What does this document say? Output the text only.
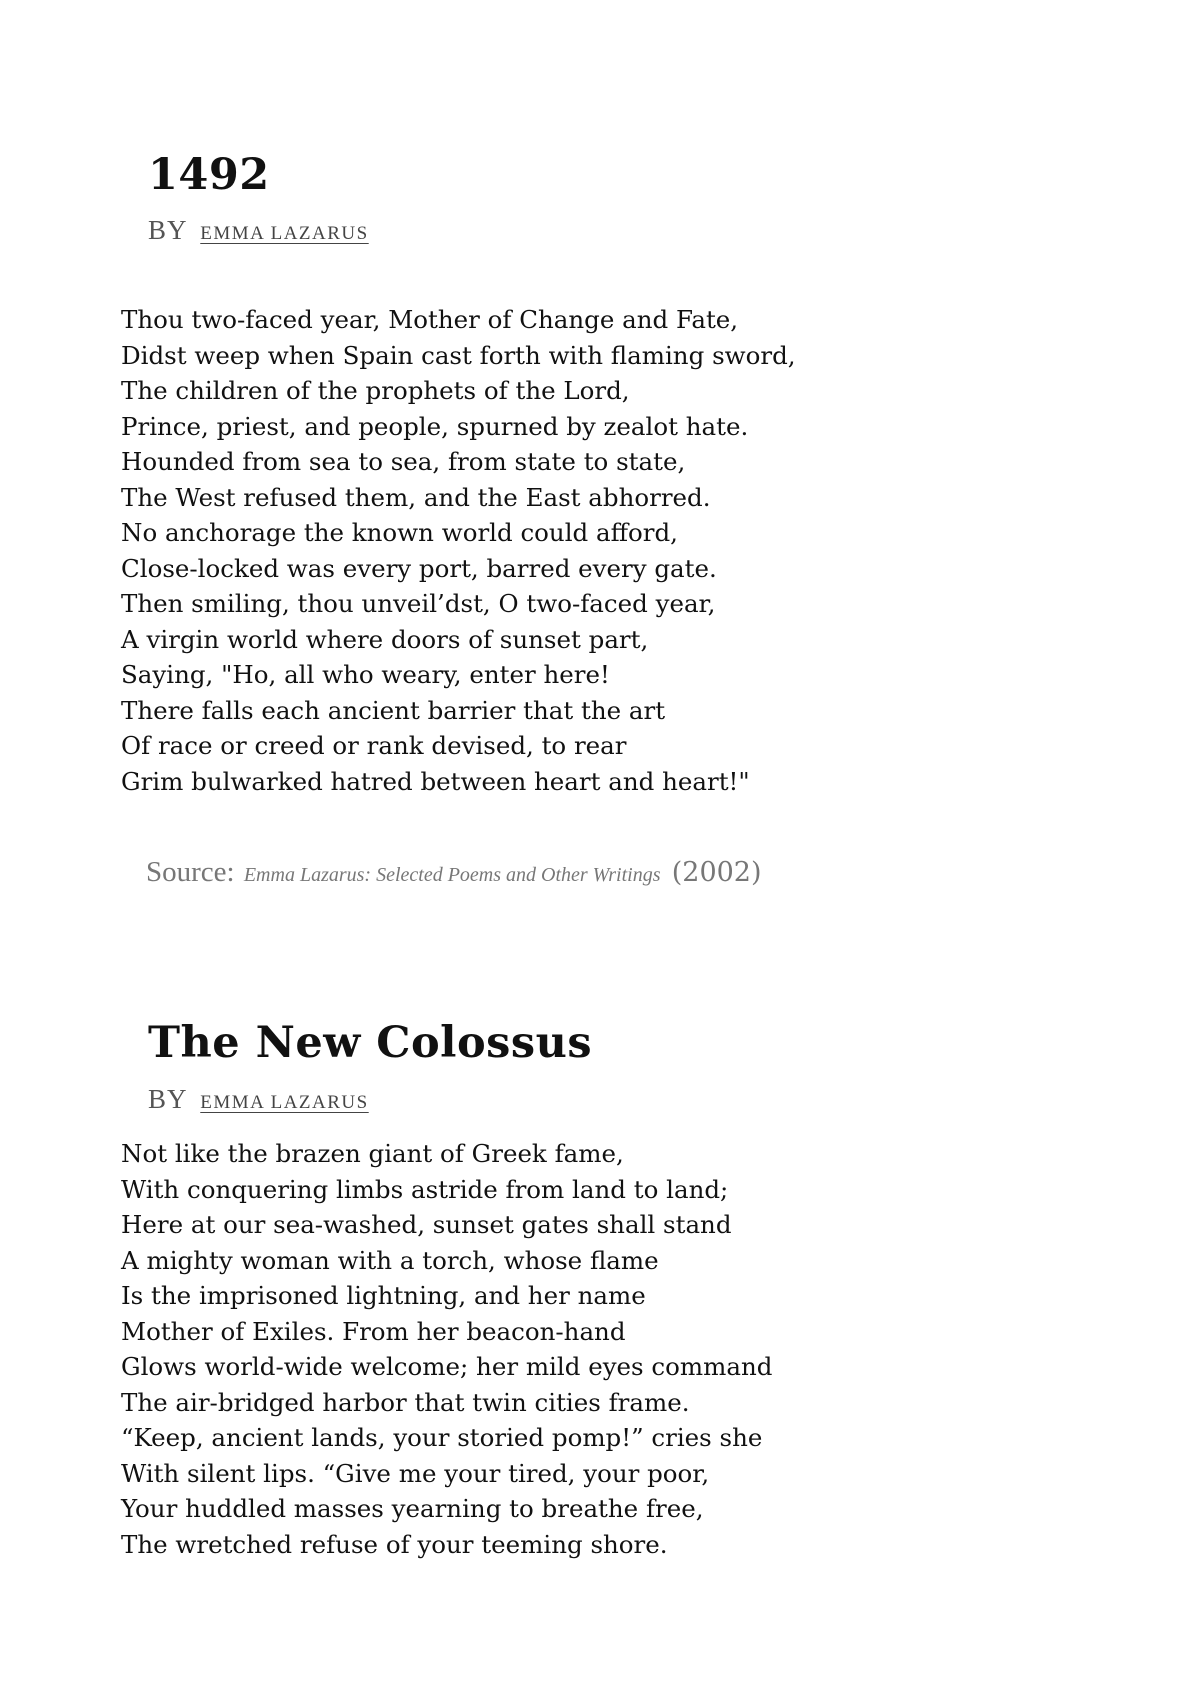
1492
BY EMMA LAZARUS
Thou two-faced year, Mother of Change and Fate,
Didst weep when Spain cast forth with flaming sword,
The children of the prophets of the Lord,
Prince, priest, and people, spurned by zealot hate.
Hounded from sea to sea, from state to state,
The West refused them, and the East abhorred.
No anchorage the known world could afford,
Close-locked was every port, barred every gate.
Then smiling, thou unveil’dst, O two-faced year,
A virgin world where doors of sunset part,
Saying, "Ho, all who weary, enter here!
There falls each ancient barrier that the art
Of race or creed or rank devised, to rear
Grim bulwarked hatred between heart and heart!"
Source: Emma Lazarus: Selected Poems and Other Writings (2002)
The New Colossus
BY EMMA LAZARUS
Not like the brazen giant of Greek fame,
With conquering limbs astride from land to land;
Here at our sea-washed, sunset gates shall stand
A mighty woman with a torch, whose flame
Is the imprisoned lightning, and her name
Mother of Exiles. From her beacon-hand
Glows world-wide welcome; her mild eyes command
The air-bridged harbor that twin cities frame.
“Keep, ancient lands, your storied pomp!” cries she
With silent lips. “Give me your tired, your poor,
Your huddled masses yearning to breathe free,
The wretched refuse of your teeming shore.
